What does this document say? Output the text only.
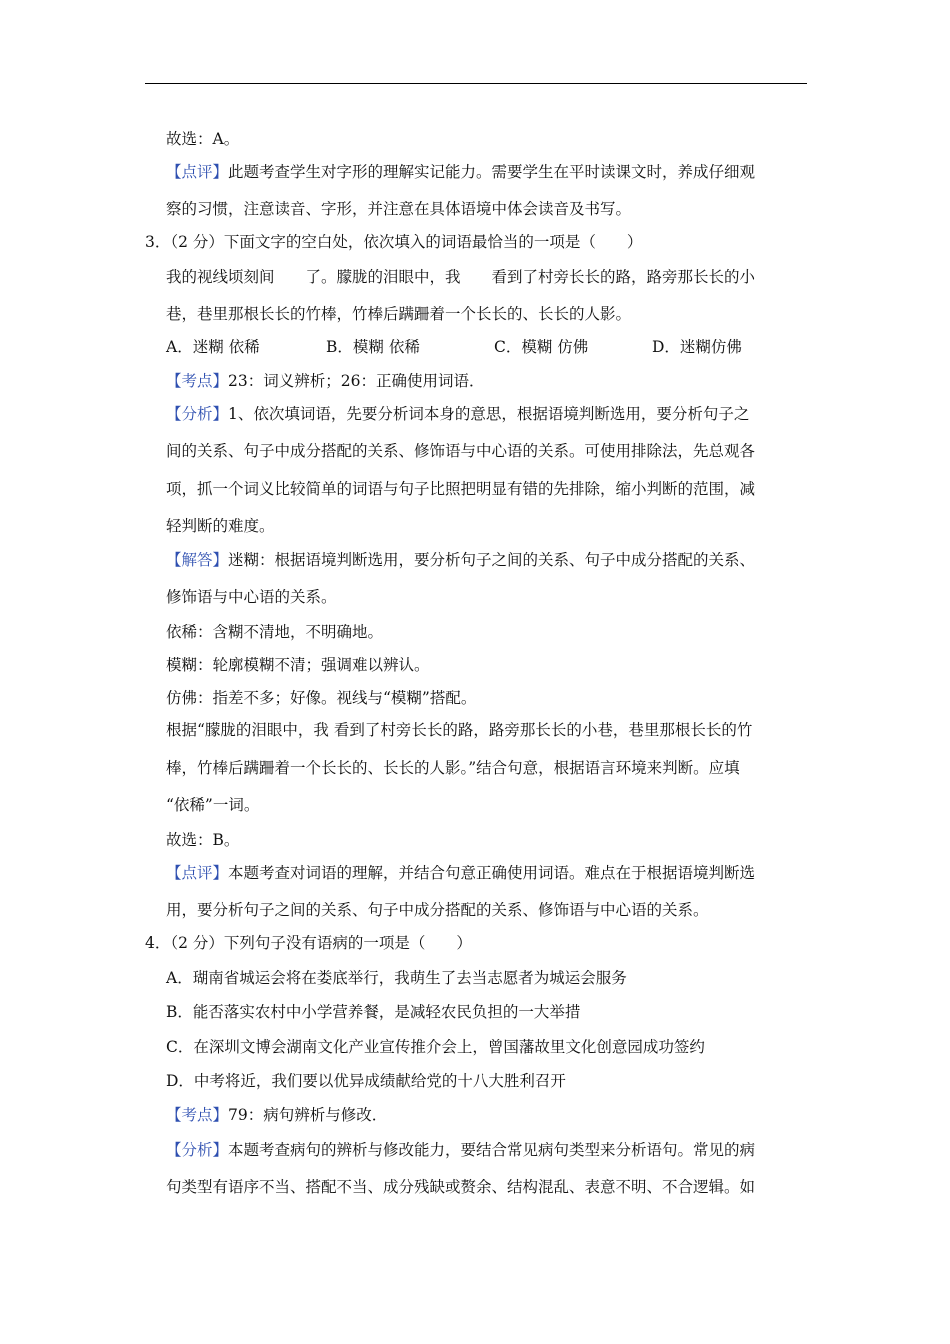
故选：A。
【点评】此题考查学生对字形的理解实记能力。需要学生在平时读课文时，养成仔细观
察的习惯，注意读音、字形，并注意在具体语境中体会读音及书写。
3．（2 分）下面文字的空白处，依次填入的词语最恰当的一项是（　　）
我的视线顷刻间　　了。朦胧的泪眼中，我　　看到了村旁长长的路，路旁那长长的小
巷，巷里那根长长的竹棒，竹棒后蹒跚着一个长长的、长长的人影。
A．迷糊 依稀	B．模糊 依稀	C．模糊 仿佛	D．迷糊仿佛
【考点】23：词义辨析；26：正确使用词语．
【分析】1、依次填词语，先要分析词本身的意思，根据语境判断选用，要分析句子之
间的关系、句子中成分搭配的关系、修饰语与中心语的关系。可使用排除法，先总观各
项，抓一个词义比较简单的词语与句子比照把明显有错的先排除，缩小判断的范围，减
轻判断的难度。
【解答】迷糊：根据语境判断选用，要分析句子之间的关系、句子中成分搭配的关系、
修饰语与中心语的关系。
依稀：含糊不清地，不明确地。
模糊：轮廓模糊不清；强调难以辨认。
仿佛：指差不多；好像。视线与“模糊”搭配。
根据“朦胧的泪眼中，我 看到了村旁长长的路，路旁那长长的小巷，巷里那根长长的竹
棒，竹棒后蹒跚着一个长长的、长长的人影。”结合句意，根据语言环境来判断。应填
“依稀”一词。
故选：B。
【点评】本题考查对词语的理解，并结合句意正确使用词语。难点在于根据语境判断选
用，要分析句子之间的关系、句子中成分搭配的关系、修饰语与中心语的关系。
4．（2 分）下列句子没有语病的一项是（　　）
A．瑚南省城运会将在娄底举行，我萌生了去当志愿者为城运会服务
B．能否落实农村中小学营养餐，是减轻农民负担的一大举措
C．在深圳文博会湖南文化产业宣传推介会上，曾国藩故里文化创意园成功签约
D．中考将近，我们要以优异成绩献给党的十八大胜利召开
【考点】79：病句辨析与修改．
【分析】本题考查病句的辨析与修改能力，要结合常见病句类型来分析语句。常见的病
句类型有语序不当、搭配不当、成分残缺或赘余、结构混乱、表意不明、不合逻辑。如
